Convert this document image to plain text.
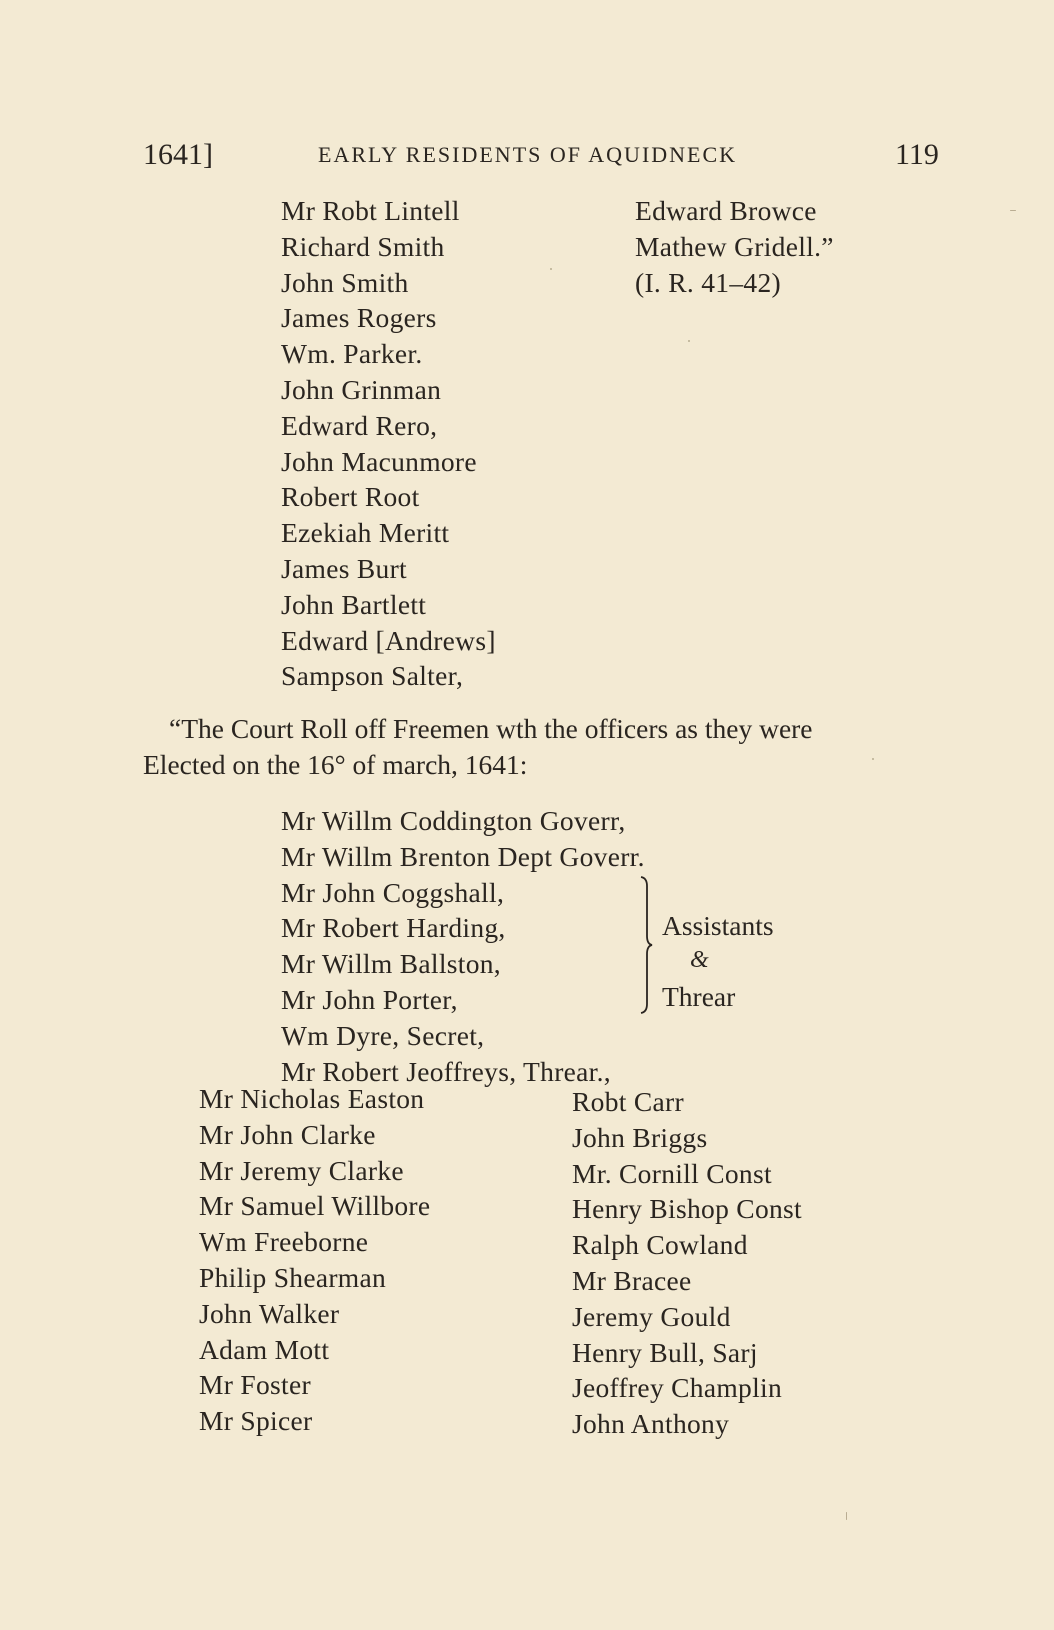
1641]	EARLY RESIDENTS OF AQUIDNECK	119
Mr Robt Lintell
Richard Smith
John Smith
James Rogers
Wm. Parker.
John Grinman
Edward Rero,
John Macunmore
Robert Root
Ezekiah Meritt
James Burt
John Bartlett
Edward [Andrews]
Sampson Salter,
Edward Browce
Mathew Gridell.”
(I. R. 41–42)
“The Court Roll off Freemen wth the officers as they were
Elected on the 16° of march, 1641:
Mr Willm Coddington Goverr,
Mr Willm Brenton Dept Goverr.
Mr John Coggshall,
Mr Robert Harding,
Mr Willm Ballston,
Mr John Porter,
Wm Dyre, Secret,
Mr Robert Jeoffreys, Threar.,
Assistants
&
Threar
Mr Nicholas Easton
Mr John Clarke
Mr Jeremy Clarke
Mr Samuel Willbore
Wm Freeborne
Philip Shearman
John Walker
Adam Mott
Mr Foster
Mr Spicer
Robt Carr
John Briggs
Mr. Cornill Const
Henry Bishop Const
Ralph Cowland
Mr Bracee
Jeremy Gould
Henry Bull, Sarj
Jeoffrey Champlin
John Anthony
